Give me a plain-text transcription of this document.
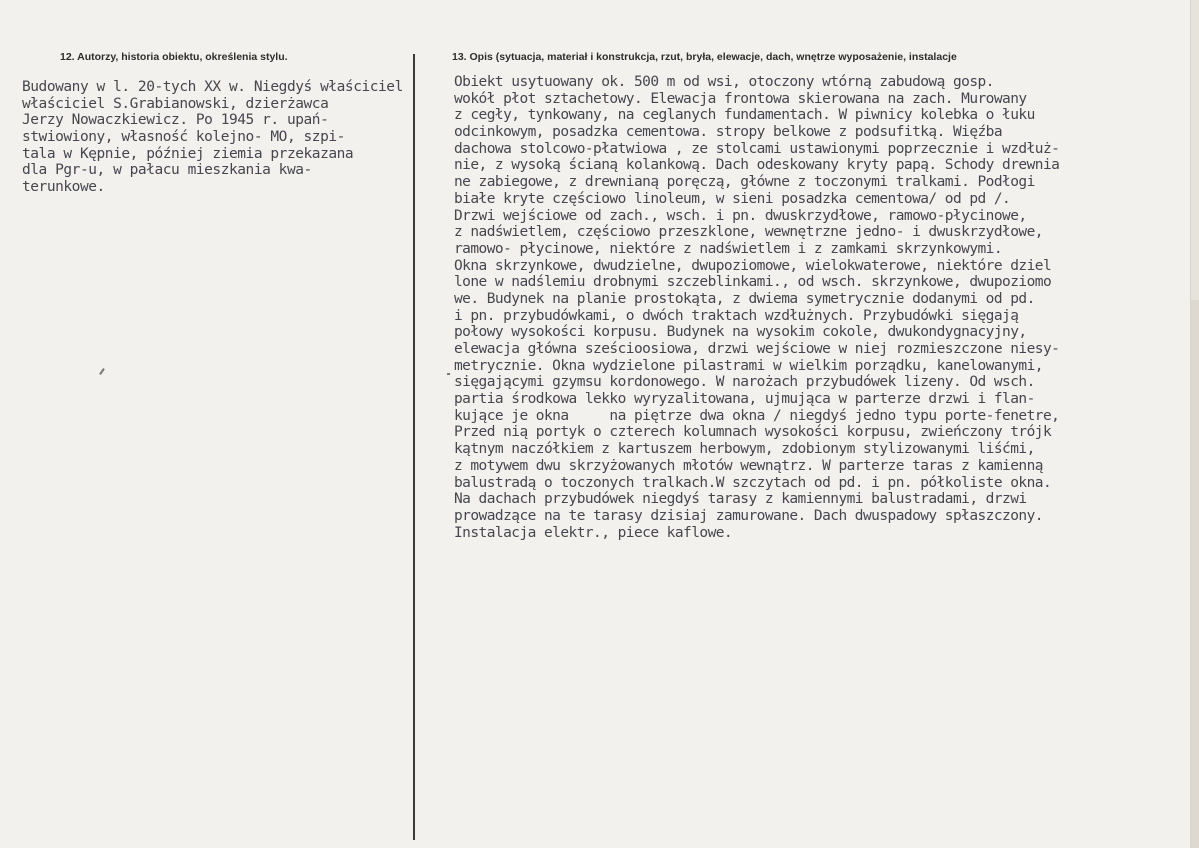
12. Autorzy, historia obiektu, określenia stylu.	13. Opis (sytuacja, materiał i konstrukcja, rzut, bryła, elewacje, dach, wnętrze wyposażenie, instalacje
Budowany w l. 20-tych XX w. Niegdyś właściciel
właściciel S.Grabianowski, dzierżawca
Jerzy Nowaczkiewicz. Po 1945 r. upań-
stwiowiony, własność kolejno- MO, szpi-
tala w Kępnie, później ziemia przekazana
dla Pgr-u, w pałacu mieszkania kwa-
terunkowe.
Obiekt usytuowany ok. 500 m od wsi, otoczony wtórną zabudową gosp.
wokół płot sztachetowy. Elewacja frontowa skierowana na zach. Murowany
z cegły, tynkowany, na ceglanych fundamentach. W piwnicy kolebka o łuku
odcinkowym, posadzka cementowa. stropy belkowe z podsufitką. Więźba
dachowa stolcowo-płatwiowa , ze stolcami ustawionymi poprzecznie i wzdłuż-
nie, z wysoką ścianą kolankową. Dach odeskowany kryty papą. Schody drewnia
ne zabiegowe, z drewnianą poręczą, główne z toczonymi tralkami. Podłogi
białe kryte częściowo linoleum, w sieni posadzka cementowa/ od pd /.
Drzwi wejściowe od zach., wsch. i pn. dwuskrzydłowe, ramowo-płycinowe,
z nadświetlem, częściowo przeszklone, wewnętrzne jedno- i dwuskrzydłowe,
ramowo- płycinowe, niektóre z nadświetlem i z zamkami skrzynkowymi.
Okna skrzynkowe, dwudzielne, dwupoziomowe, wielokwaterowe, niektóre dziel
lone w nadślemiu drobnymi szczeblinkami., od wsch. skrzynkowe, dwupoziomo
we. Budynek na planie prostokąta, z dwiema symetrycznie dodanymi od pd.
i pn. przybudówkami, o dwóch traktach wzdłużnych. Przybudówki sięgają
połowy wysokości korpusu. Budynek na wysokim cokole, dwukondygnacyjny,
elewacja główna sześcioosiowa, drzwi wejściowe w niej rozmieszczone niesy-
metrycznie. Okna wydzielone pilastrami w wielkim porządku, kanelowanymi,
sięgającymi gzymsu kordonowego. W narożach przybudówek lizeny. Od wsch.
partia środkowa lekko wyryzalitowana, ujmująca w parterze drzwi i flan-
kujące je okna     na piętrze dwa okna / niegdyś jedno typu porte-fenetre,
Przed nią portyk o czterech kolumnach wysokości korpusu, zwieńczony trójk
kątnym naczółkiem z kartuszem herbowym, zdobionym stylizowanymi liśćmi,
z motywem dwu skrzyżowanych młotów wewnątrz. W parterze taras z kamienną
balustradą o toczonych tralkach.W szczytach od pd. i pn. półkoliste okna.
Na dachach przybudówek niegdyś tarasy z kamiennymi balustradami, drzwi
prowadzące na te tarasy dzisiaj zamurowane. Dach dwuspadowy spłaszczony.
Instalacja elektr., piece kaflowe.
